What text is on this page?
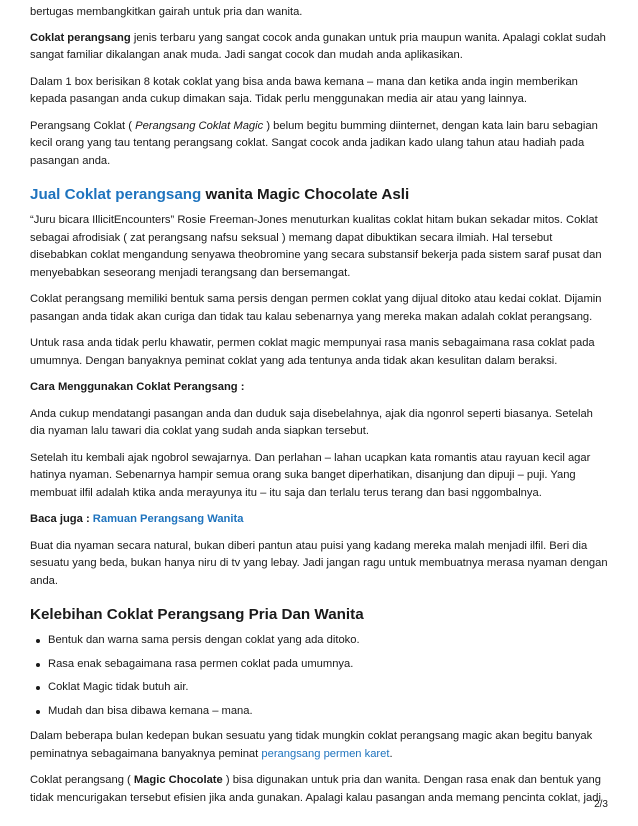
bertugas membangkitkan gairah untuk pria dan wanita.

Coklat perangsang jenis terbaru yang sangat cocok anda gunakan untuk pria maupun wanita. Apalagi coklat sudah sangat familiar dikalangan anak muda. Jadi sangat cocok dan mudah anda aplikasikan.

Dalam 1 box berisikan 8 kotak coklat yang bisa anda bawa kemana – mana dan ketika anda ingin memberikan kepada pasangan anda cukup dimakan saja. Tidak perlu menggunakan media air atau yang lainnya.

Perangsang Coklat ( Perangsang Coklat Magic ) belum begitu bumming diinternet, dengan kata lain baru sebagian kecil orang yang tau tentang perangsang coklat. Sangat cocok anda jadikan kado ulang tahun atau hadiah pada pasangan anda.

Jual Coklat perangsang wanita Magic Chocolate Asli

“Juru bicara IllicitEncounters” Rosie Freeman-Jones menuturkan kualitas coklat hitam bukan sekadar mitos. Coklat sebagai afrodisiak ( zat perangsang nafsu seksual ) memang dapat dibuktikan secara ilmiah. Hal tersebut disebabkan coklat mengandung senyawa theobromine yang secara substansif bekerja pada sistem saraf pusat dan menyebabkan seseorang menjadi terangsang dan bersemangat.

Coklat perangsang memiliki bentuk sama persis dengan permen coklat yang dijual ditoko atau kedai coklat. Dijamin pasangan anda tidak akan curiga dan tidak tau kalau sebenarnya yang mereka makan adalah coklat perangsang.

Untuk rasa anda tidak perlu khawatir, permen coklat magic mempunyai rasa manis sebagaimana rasa coklat pada umumnya. Dengan banyaknya peminat coklat yang ada tentunya anda tidak akan kesulitan dalam beraksi.

Cara Menggunakan Coklat Perangsang :

Anda cukup mendatangi pasangan anda dan duduk saja disebelahnya, ajak dia ngonrol seperti biasanya. Setelah dia nyaman lalu tawari dia coklat yang sudah anda siapkan tersebut.

Setelah itu kembali ajak ngobrol sewajarnya. Dan perlahan – lahan ucapkan kata romantis atau rayuan kecil agar hatinya nyaman. Sebenarnya hampir semua orang suka banget diperhatikan, disanjung dan dipuji – puji. Yang membuat ilfil adalah ktika anda merayunya itu – itu saja dan terlalu terus terang dan basi nggombalnya.

Baca juga : Ramuan Perangsang Wanita

Buat dia nyaman secara natural, bukan diberi pantun atau puisi yang kadang mereka malah menjadi ilfil. Beri dia sesuatu yang beda, bukan hanya niru di tv yang lebay. Jadi jangan ragu untuk membuatnya merasa nyaman dengan anda.

Kelebihan Coklat Perangsang Pria Dan Wanita
Bentuk dan warna sama persis dengan coklat yang ada ditoko.
Rasa enak sebagaimana rasa permen coklat pada umumnya.
Coklat Magic tidak butuh air.
Mudah dan bisa dibawa kemana – mana.

Dalam beberapa bulan kedepan bukan sesuatu yang tidak mungkin coklat perangsang magic akan begitu banyak peminatnya sebagaimana banyaknya peminat perangsang permen karet.

Coklat perangsang ( Magic Chocolate ) bisa digunakan untuk pria dan wanita. Dengan rasa enak dan bentuk yang tidak mencurigakan tersebut efisien jika anda gunakan. Apalagi kalau pasangan anda memang pencinta coklat, jadi

2/3
